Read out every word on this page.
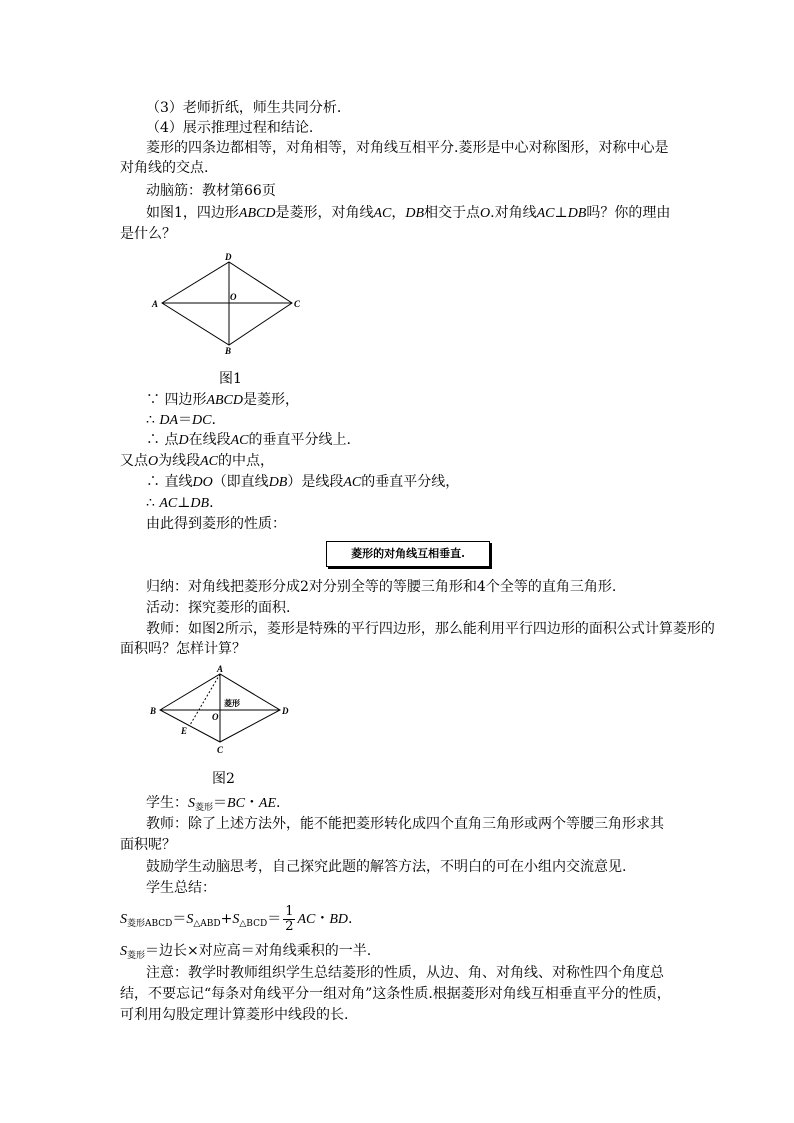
（3）老师折纸，师生共同分析.
（4）展示推理过程和结论.
菱形的四条边都相等，对角相等，对角线互相平分.菱形是中心对称图形，对称中心是
对角线的交点.
动脑筋：教材第66页
如图1，四边形ABCD是菱形，对角线AC，DB相交于点O.对角线AC⊥DB吗？你的理由
是什么？
A
D
C
B
O
图1
∵ 四边形ABCD是菱形，
∴ DA＝DC.
∴ 点D在线段AC的垂直平分线上.
又点O为线段AC的中点，
∴ 直线DO（即直线DB）是线段AC的垂直平分线，
∴ AC⊥DB.
由此得到菱形的性质：
菱形的对角线互相垂直.
归纳：对角线把菱形分成2对分别全等的等腰三角形和4个全等的直角三角形.
活动：探究菱形的面积.
教师：如图2所示，菱形是特殊的平行四边形，那么能利用平行四边形的面积公式计算菱形的
面积吗？怎样计算？
B
A
D
C
O
E
菱形
图2
学生：$S_{菱形}=BC$・AE.
教师：除了上述方法外，能不能把菱形转化成四个直角三角形或两个等腰三角形求其
面积呢？
鼓励学生动脑思考，自己探究此题的解答方法，不明白的可在小组内交流意见.
学生总结：
$S_{菱形ABCD}=S_{\triangle ABD}+S_{\triangle BCD}= \frac{1}{2}$ AC・BD.
$S_{菱形}=$边长×对应高＝对角线乘积的一半.
注意：教学时教师组织学生总结菱形的性质，从边、角、对角线、对称性四个角度总
结，不要忘记“每条对角线平分一组对角”这条性质.根据菱形对角线互相垂直平分的性质，
可利用勾股定理计算菱形中线段的长.
